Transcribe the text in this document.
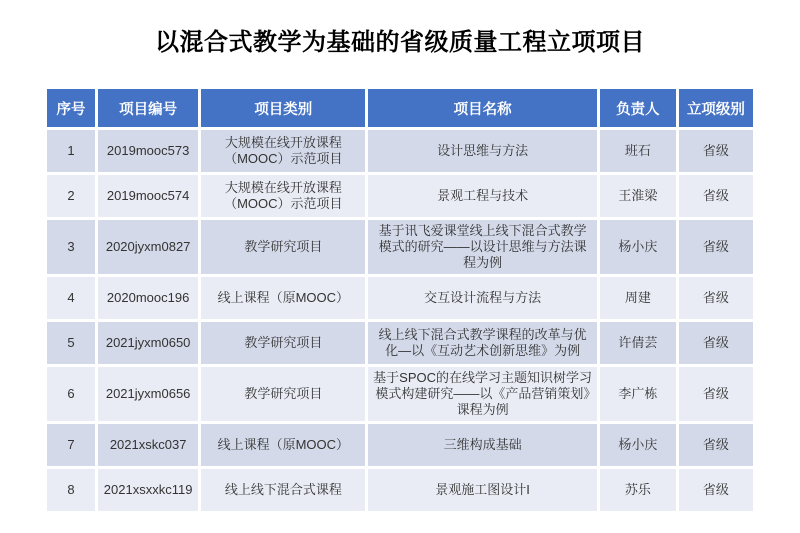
以混合式教学为基础的省级质量工程立项项目
序号	项目编号	项目类别	项目名称	负责人	立项级别
1	2019mooc573	大规模在线开放课程（MOOC）示范项目	设计思维与方法	班石	省级
2	2019mooc574	大规模在线开放课程（MOOC）示范项目	景观工程与技术	王淮梁	省级
3	2020jyxm0827	教学研究项目	基于讯飞爱课堂线上线下混合式教学模式的研究——以设计思维与方法课程为例	杨小庆	省级
4	2020mooc196	线上课程（原MOOC）	交互设计流程与方法	周建	省级
5	2021jyxm0650	教学研究项目	线上线下混合式教学课程的改革与优化—以《互动艺术创新思维》为例	许倩芸	省级
6	2021jyxm0656	教学研究项目	基于SPOC的在线学习主题知识树学习模式构建研究——以《产品营销策划》课程为例	李广栋	省级
7	2021xskc037	线上课程（原MOOC）	三维构成基础	杨小庆	省级
8	2021xsxxkc119	线上线下混合式课程	景观施工图设计I	苏乐	省级
